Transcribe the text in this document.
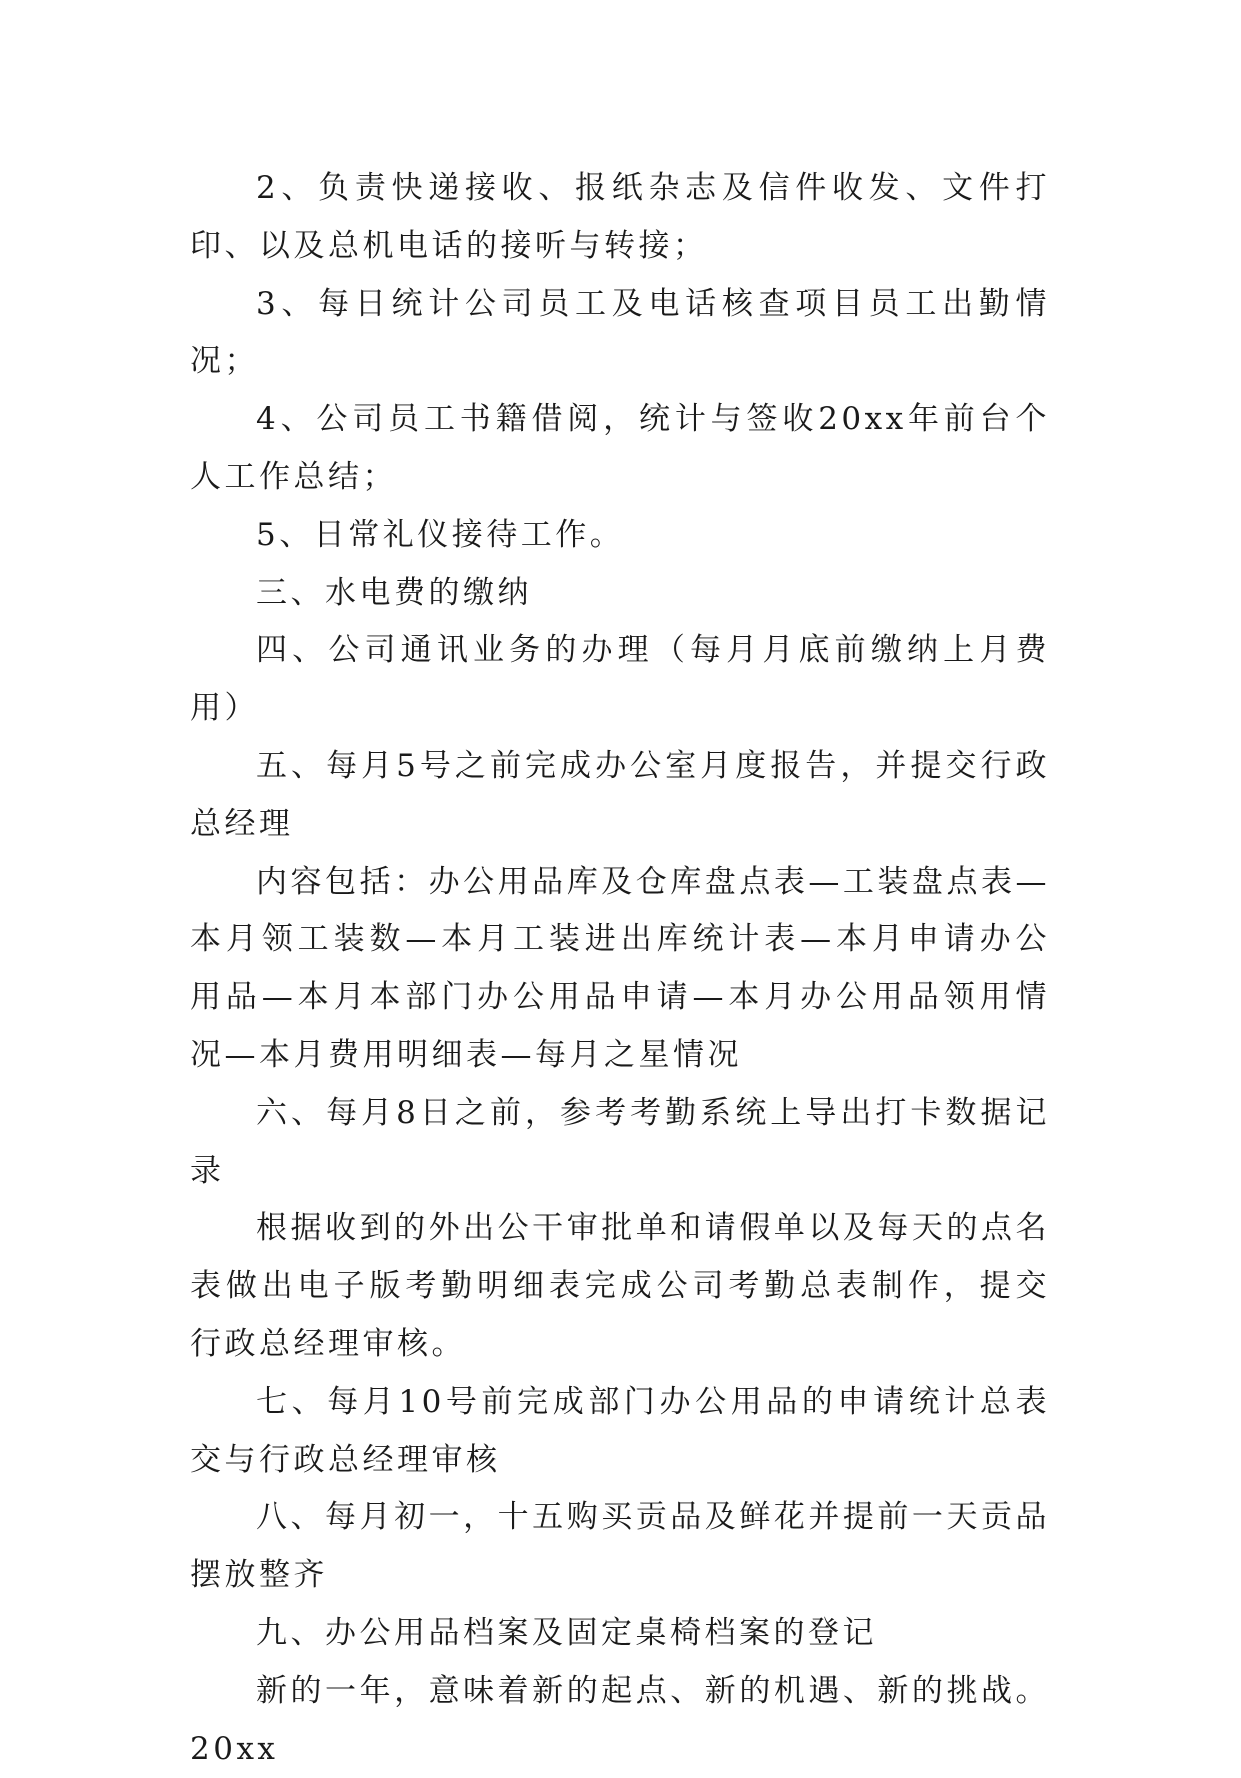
2、负责快递接收、报纸杂志及信件收发、文件打印、以及总机电话的接听与转接；

3、每日统计公司员工及电话核查项目员工出勤情况；

4、公司员工书籍借阅，统计与签收20xx年前台个人工作总结；

5、日常礼仪接待工作。

三、水电费的缴纳

四、公司通讯业务的办理（每月月底前缴纳上月费用）

五、每月5号之前完成办公室月度报告，并提交行政总经理

内容包括：办公用品库及仓库盘点表—工装盘点表—本月领工装数—本月工装进出库统计表—本月申请办公用品—本月本部门办公用品申请—本月办公用品领用情况—本月费用明细表—每月之星情况

六、每月8日之前，参考考勤系统上导出打卡数据记录

根据收到的外出公干审批单和请假单以及每天的点名表做出电子版考勤明细表完成公司考勤总表制作，提交行政总经理审核。

七、每月10号前完成部门办公用品的申请统计总表交与行政总经理审核

八、每月初一，十五购买贡品及鲜花并提前一天贡品摆放整齐

九、办公用品档案及固定桌椅档案的登记

新的一年，意味着新的起点、新的机遇、新的挑战。20xx
